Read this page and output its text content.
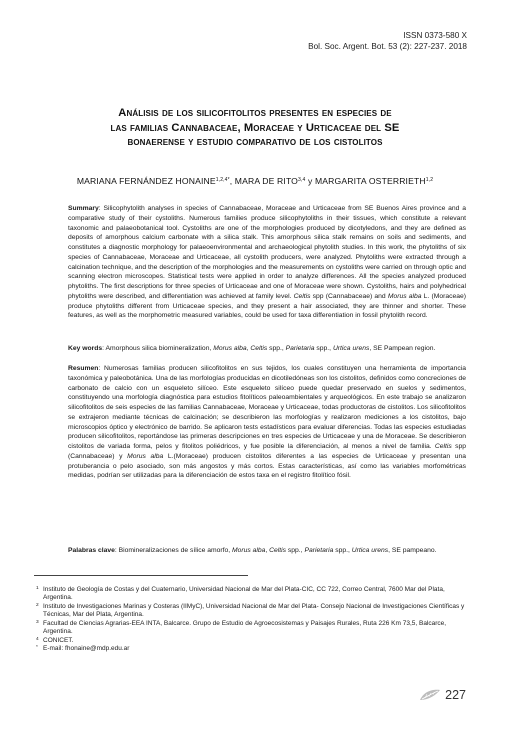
ISSN 0373-580 X
Bol. Soc. Argent. Bot. 53 (2): 227-237. 2018
Análisis de los silicofitolitos presentes en especies de
las familias Cannabaceae, Moraceae y Urticaceae del SE
bonaerense y estudio comparativo de los cistolitos
MARIANA FERNÁNDEZ $HONAINE^{1,2,4*}$, MARA DE RITO$^{3,4}$ y MARGARITA OSTERRIETH$^{1,2}$
Summary: Silicophytolith analyses in species of Cannabaceae, Moraceae and Urticaceae from SE Buenos Aires province and a comparative study of their cystoliths. Numerous families produce silicophytoliths in their tissues, which constitute a relevant taxonomic and palaeobotanical tool. Cystoliths are one of the morphologies produced by dicotyledons, and they are defined as deposits of amorphous calcium carbonate with a silica stalk. This amorphous silica stalk remains on soils and sediments, and constitutes a diagnostic morphology for palaeoenvironmental and archaeological phytolith studies. In this work, the phytoliths of six species of Cannabaceae, Moraceae and Urticaceae, all cystolith producers, were analyzed. Phytoliths were extracted through a calcination technique, and the description of the morphologies and the measurements on cystoliths were carried on through optic and scanning electron microscopes. Statistical tests were applied in order to analyze differences. All the species analyzed produced phytoliths. The first descriptions for three species of Urticaceae and one of Moraceae were shown. Cystoliths, hairs and polyhedrical phytoliths were described, and differentiation was achieved at family level. Celtis spp (Cannabaceae) and Morus alba L. (Moraceae) produce phytoliths different from Urticaceae species, and they present a hair associated, they are thinner and shorter. These features, as well as the morphometric measured variables, could be used for taxa differentiation in fossil phytolith record.
Key words: Amorphous silica biomineralization, Morus alba, Celtis spp., Parietaria spp., Urtica urens, SE Pampean region.
Resumen: Numerosas familias producen silicofitolitos en sus tejidos, los cuales constituyen una herramienta de importancia taxonómica y paleobotánica. Una de las morfologías producidas en dicotiledóneas son los cistolitos, definidos como concreciones de carbonato de calcio con un esqueleto silíceo. Este esqueleto silíceo puede quedar preservado en suelos y sedimentos, constituyendo una morfología diagnóstica para estudios fitolíticos paleoambientales y arqueológicos. En este trabajo se analizaron silicofitolitos de seis especies de las familias Cannabaceae, Moraceae y Urticaceae, todas productoras de cistolitos. Los silicofitolitos se extrajeron mediante técnicas de calcinación; se describieron las morfologías y realizaron mediciones a los cistolitos, bajo microscopios óptico y electrónico de barrido. Se aplicaron tests estadísticos para evaluar diferencias. Todas las especies estudiadas producen silicofitolitos, reportándose las primeras descripciones en tres especies de Urticaceae y una de Moraceae. Se describieron cistolitos de variada forma, pelos y fitolitos poliédricos, y fue posible la diferenciación, al menos a nivel de familia. Celtis spp (Cannabaceae) y Morus alba L.(Moraceae) producen cistolitos diferentes a las especies de Urticaceae y presentan una protuberancia o pelo asociado, son más angostos y más cortos. Estas características, así como las variables morfométricas medidas, podrían ser utilizadas para la diferenciación de estos taxa en el registro fitolítico fósil.
Palabras clave: Biomineralizaciones de sílice amorfo, Morus alba, Celtis spp., Parietaria spp., Urtica urens, SE pampeano.
1 Instituto de Geología de Costas y del Cuaternario, Universidad Nacional de Mar del Plata-CIC, CC 722, Correo Central, 7600 Mar del Plata, Argentina.
2 Instituto de Investigaciones Marinas y Costeras (IIMyC), Universidad Nacional de Mar del Plata- Consejo Nacional de Investigaciones Científicas y Técnicas, Mar del Plata, Argentina.
3 Facultad de Ciencias Agrarias-EEA INTA, Balcarce. Grupo de Estudio de Agroecosistemas y Paisajes Rurales, Ruta 226 Km 73,5, Balcarce, Argentina.
4 CONICET.
* E-mail: fhonaine@mdp.edu.ar
227
